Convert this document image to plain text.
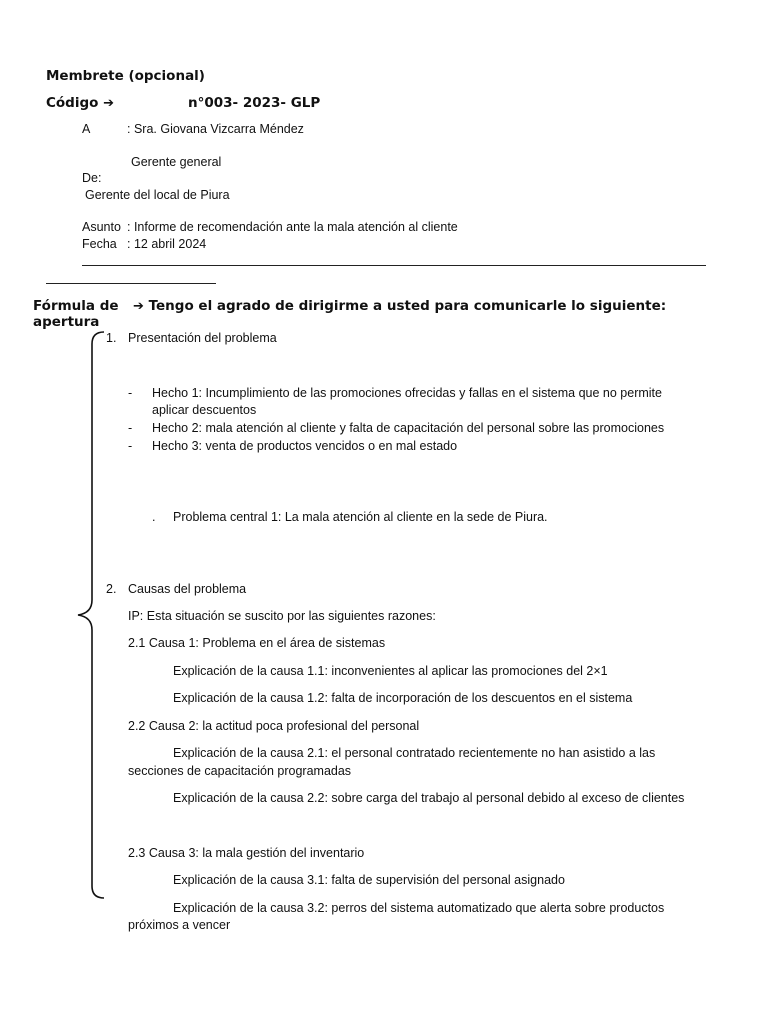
Membrete (opcional)
Código ➔	n°003- 2023- GLP
A	: Sra. Giovana Vizcarra Méndez
Gerente general
De:
Gerente del local de Piura
Asunto : Informe de recomendación ante la mala atención al cliente
Fecha : 12 abril 2024
Fórmula de
apertura
➔ Tengo el agrado de dirigirme a usted para comunicarle lo siguiente:
1. Presentación del problema
- Hecho 1: Incumplimiento de las promociones ofrecidas y fallas en el sistema que no permite
aplicar descuentos
- Hecho 2: mala atención al cliente y falta de capacitación del personal sobre las promociones
- Hecho 3: venta de productos vencidos o en mal estado
. Problema central 1: La mala atención al cliente en la sede de Piura.
2. Causas del problema
IP: Esta situación se suscito por las siguientes razones:
2.1 Causa 1: Problema en el área de sistemas
Explicación de la causa 1.1: inconvenientes al aplicar las promociones del 2×1
Explicación de la causa 1.2: falta de incorporación de los descuentos en el sistema
2.2 Causa 2: la actitud poca profesional del personal
Explicación de la causa 2.1: el personal contratado recientemente no han asistido a las
secciones de capacitación programadas
Explicación de la causa 2.2: sobre carga del trabajo al personal debido al exceso de clientes
2.3 Causa 3: la mala gestión del inventario
Explicación de la causa 3.1: falta de supervisión del personal asignado
Explicación de la causa 3.2: perros del sistema automatizado que alerta sobre productos
próximos a vencer
